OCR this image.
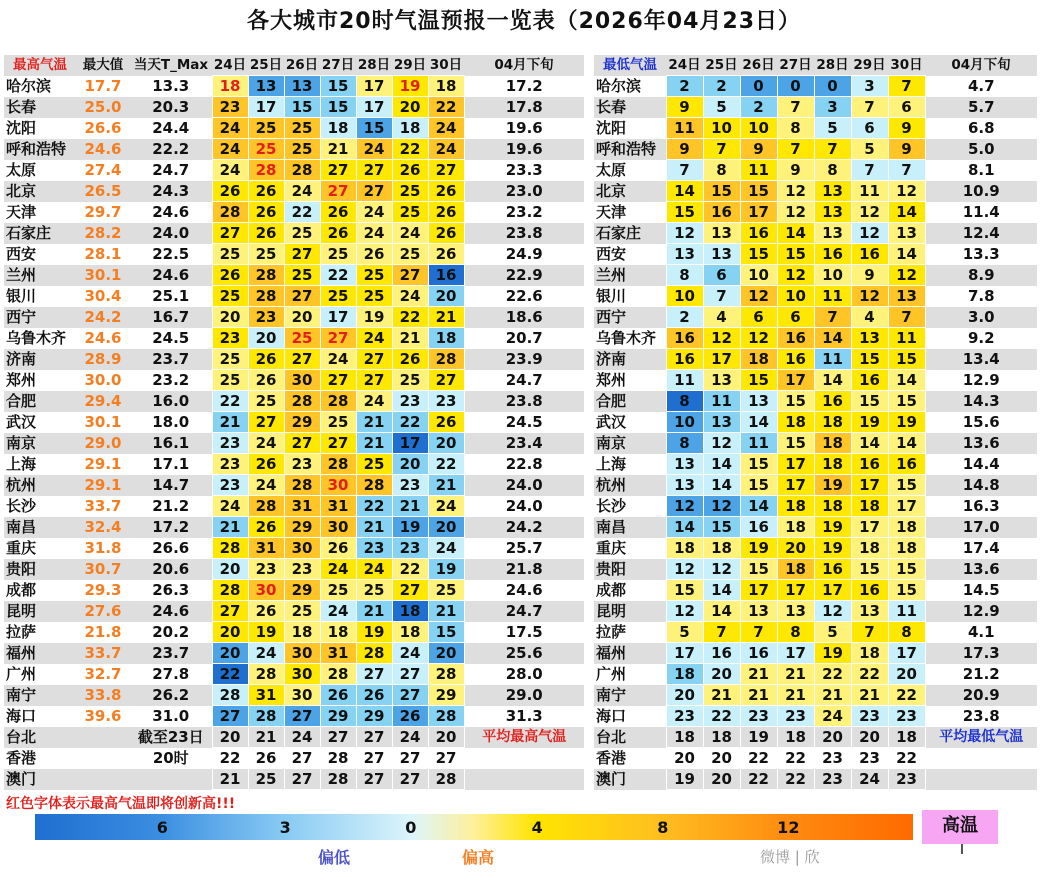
各大城市20时气温预报一览表（2026年04月23日）
最高气温	最大值	当天T_Max	24日	25日	26日	27日	28日	29日	30日	04月下旬
哈尔滨	17.7	13.3	18	13	13	15	17	19	18	17.2
长春	25.0	20.3	23	17	15	15	17	20	22	17.8
沈阳	26.6	24.4	24	25	25	18	15	18	24	19.6
呼和浩特	24.6	22.2	24	25	25	21	24	22	24	19.6
太原	27.4	24.7	24	28	28	27	27	26	27	23.3
北京	26.5	24.3	26	26	24	27	27	25	26	23.0
天津	29.7	24.6	28	26	22	26	24	25	26	23.2
石家庄	28.2	24.0	27	26	25	26	24	24	26	23.8
西安	28.1	22.5	25	25	27	25	26	25	26	24.9
兰州	30.1	24.6	26	28	25	22	25	27	16	22.9
银川	30.4	25.1	25	28	27	25	25	24	20	22.6
西宁	24.2	16.7	20	23	20	17	19	22	21	18.6
乌鲁木齐	24.6	24.5	23	20	25	27	24	21	18	20.7
济南	28.9	23.7	25	26	27	24	27	26	28	23.9
郑州	30.0	23.2	25	26	30	27	27	25	27	24.7
合肥	29.4	16.0	22	25	28	28	24	23	23	23.8
武汉	30.1	18.0	21	27	29	25	21	22	26	24.5
南京	29.0	16.1	23	24	27	27	21	17	20	23.4
上海	29.1	17.1	23	26	23	28	25	20	22	22.8
杭州	29.1	14.7	23	24	28	30	28	23	21	24.0
长沙	33.7	21.2	24	28	31	31	22	21	24	24.0
南昌	32.4	17.2	21	26	29	30	21	19	20	24.2
重庆	31.8	26.6	28	31	30	26	23	23	24	25.7
贵阳	30.7	20.6	20	23	23	24	24	22	19	21.8
成都	29.3	26.3	28	30	29	25	25	27	25	24.6
昆明	27.6	24.6	27	26	25	24	21	18	21	24.7
拉萨	21.8	20.2	20	19	18	18	19	18	15	17.5
福州	33.7	23.7	20	24	30	31	28	24	20	25.6
广州	32.7	27.8	22	28	30	28	27	27	28	28.0
南宁	33.8	26.2	28	31	30	26	26	27	29	29.0
海口	39.6	31.0	27	28	27	29	29	26	28	31.3
台北		截至23日	20	21	24	27	27	24	20	平均最高气温
香港		20时	22	26	27	28	27	27	27	
澳门			21	25	27	28	27	27	28	
最低气温	24日	25日	26日	27日	28日	29日	30日	04月下旬
哈尔滨	2	2	0	0	0	3	7	4.7
长春	9	5	2	7	3	7	6	5.7
沈阳	11	10	10	8	5	6	9	6.8
呼和浩特	9	7	9	7	7	5	9	5.0
太原	7	8	11	9	8	7	7	8.1
北京	14	15	15	12	13	11	12	10.9
天津	15	16	17	12	13	12	14	11.4
石家庄	12	13	16	14	13	12	13	12.4
西安	13	13	15	15	16	16	14	13.3
兰州	8	6	10	12	10	9	12	8.9
银川	10	7	12	10	11	12	13	7.8
西宁	2	4	6	6	7	4	7	3.0
乌鲁木齐	16	12	12	16	14	13	11	9.2
济南	16	17	18	16	11	15	15	13.4
郑州	11	13	15	17	14	16	14	12.9
合肥	8	11	13	15	16	15	15	14.3
武汉	10	13	14	18	18	19	19	15.6
南京	8	12	11	15	18	14	14	13.6
上海	13	14	15	17	18	16	16	14.4
杭州	13	14	15	17	19	17	15	14.8
长沙	12	12	14	18	18	18	17	16.3
南昌	14	15	16	18	19	17	18	17.0
重庆	18	18	19	20	19	18	18	17.4
贵阳	12	12	15	18	16	15	15	13.6
成都	15	14	17	17	17	16	15	14.5
昆明	12	14	13	13	12	13	11	12.9
拉萨	5	7	7	8	5	7	8	4.1
福州	17	16	16	17	19	18	17	17.3
广州	18	20	21	21	22	22	20	21.2
南宁	20	21	21	21	21	21	22	20.9
海口	23	22	23	23	24	23	23	23.8
台北	18	18	19	18	20	20	18	平均最低气温
香港	20	20	22	22	23	23	22	
澳门	19	20	22	22	23	24	23	
红色字体表示最高气温即将创新高!!!
6	3	0	4	8	12	高温
偏低	偏高	微博 | 欣
